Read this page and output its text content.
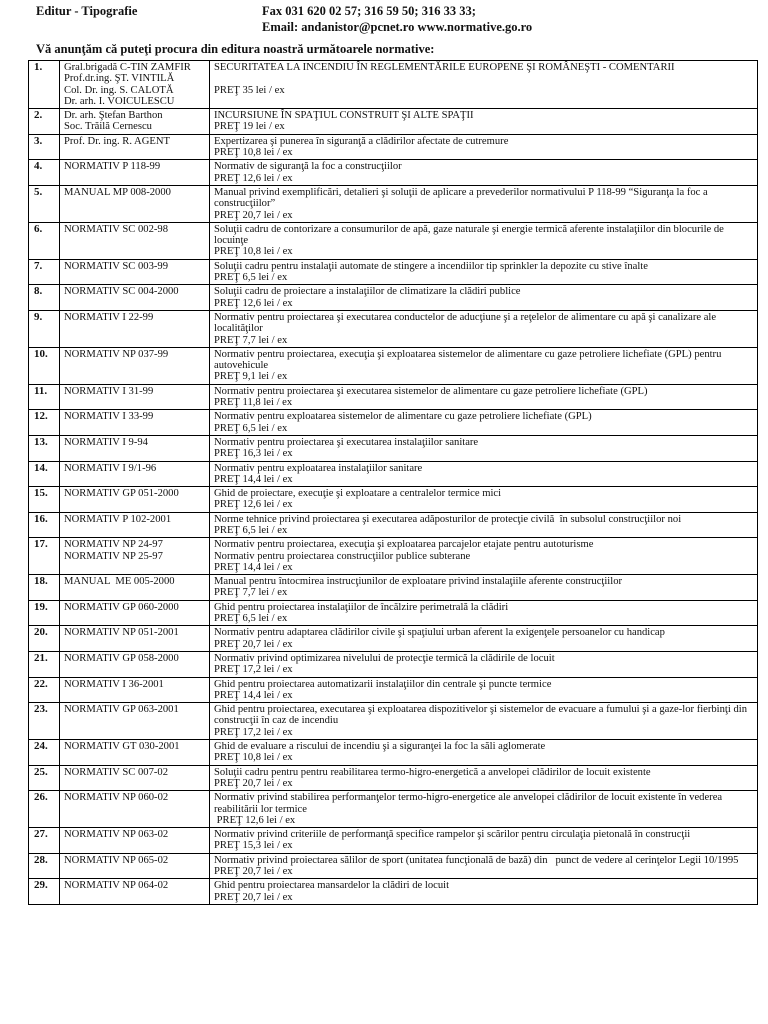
Editur - Tipografie	Fax 031 620 02 57; 316 59 50; 316 33 33;
Email: andanistor@pcnet.ro www.normative.go.ro
Vă anunţăm că puteţi procura din editura noastră următoarele normative:
1.	Gral.brigadă C-TIN ZAMFIR
Prof.dr.ing. ŞT. VINTILĂ
Col. Dr. ing. S. CALOTĂ
Dr. arh. I. VOICULESCU	SECURITATEA LA INCENDIU ÎN REGLEMENTĂRILE EUROPENE ŞI ROMÂNEŞTI - COMENTARII
PREŢ 35 lei / ex

2.	Dr. arh. Ştefan Barthon
Soc. Trăilă Cernescu	INCURSIUNE ÎN SPAŢIUL CONSTRUIT ŞI ALTE SPAŢII
PREŢ 19 lei / ex

3.	Prof. Dr. ing. R. AGENT	Expertizarea şi punerea în siguranţă a clădirilor afectate de cutremure
PREŢ 10,8 lei / ex

4.	NORMATIV P 118-99	Normativ de siguranţă la foc a construcţiilor
PREŢ 12,6 lei / ex

5.	MANUAL MP 008-2000	Manual privind exemplificări, detalieri şi soluţii de aplicare a prevederilor normativului P 118-99 “Siguranţa la foc a construcţiilor”
PREŢ 20,7 lei / ex

6.	NORMATIV SC 002-98	Soluţii cadru de contorizare a consumurilor de apă, gaze naturale şi energie termică aferente instalaţiilor din blocurile de locuinţe
PREŢ 10,8 lei / ex

7.	NORMATIV SC 003-99	Soluţii cadru pentru instalaţii automate de stingere a incendiilor tip sprinkler la depozite cu stive înalte
PREŢ 6,5 lei / ex

8.	NORMATIV SC 004-2000	Soluţii cadru de proiectare a instalaţiilor de climatizare la clădiri publice
PREŢ 12,6 lei / ex

9.	NORMATIV I 22-99	Normativ pentru proiectarea şi executarea conductelor de aducţiune şi a reţelelor de alimentare cu apă şi canalizare ale localităţilor
PREŢ 7,7 lei / ex

10.	NORMATIV NP 037-99	Normativ pentru proiectarea, execuţia şi exploatarea sistemelor de alimentare cu gaze petroliere lichefiate (GPL) pentru autovehicule
PREŢ 9,1 lei / ex

11.	NORMATIV I 31-99	Normativ pentru proiectarea şi executarea sistemelor de alimentare cu gaze petroliere lichefiate (GPL)
PREŢ 11,8 lei / ex

12.	NORMATIV I 33-99	Normativ pentru exploatarea sistemelor de alimentare cu gaze petroliere lichefiate (GPL)
PREŢ 6,5 lei / ex

13.	NORMATIV I 9-94	Normativ pentru proiectarea şi executarea instalaţiilor sanitare
PREŢ 16,3 lei / ex

14.	NORMATIV I 9/1-96	Normativ pentru exploatarea instalaţiilor sanitare
PREŢ 14,4 lei / ex

15.	NORMATIV GP 051-2000	Ghid de proiectare, execuţie şi exploatare a centralelor termice mici
PREŢ 12,6 lei / ex

16.	NORMATIV P 102-2001	Norme tehnice privind proiectarea şi executarea adăposturilor de protecţie civilă  în subsolul construcţiilor noi
PREŢ 6,5 lei / ex

17.	NORMATIV NP 24-97
NORMATIV NP 25-97	Normativ pentru proiectarea, execuţia şi exploatarea parcajelor etajate pentru autoturisme
Normativ pentru proiectarea construcţiilor publice subterane
PREŢ 14,4 lei / ex

18.	MANUAL  ME 005-2000	Manual pentru întocmirea instrucţiunilor de exploatare privind instalaţiile aferente construcţiilor
PREŢ 7,7 lei / ex

19.	NORMATIV GP 060-2000	Ghid pentru proiectarea instalaţiilor de încălzire perimetrală la clădiri
PREŢ 6,5 lei / ex

20.	NORMATIV NP 051-2001	Normativ pentru adaptarea clădirilor civile şi spaţiului urban aferent la exigenţele persoanelor cu handicap
PREŢ 20,7 lei / ex

21.	NORMATIV GP 058-2000	Normativ privind optimizarea nivelului de protecţie termică la clădirile de locuit
PREŢ 17,2 lei / ex

22.	NORMATIV I 36-2001	Ghid pentru proiectarea automatizarii instalaţiilor din centrale şi puncte termice
PREŢ 14,4 lei / ex

23.	NORMATIV GP 063-2001	Ghid pentru proiectarea, executarea şi exploatarea dispozitivelor şi sistemelor de evacuare a fumului şi a gaze-lor fierbinţi din construcţii în caz de incendiu
PREŢ 17,2 lei / ex

24.	NORMATIV GT 030-2001	Ghid de evaluare a riscului de incendiu şi a siguranţei la foc la săli aglomerate
PREŢ 10,8 lei / ex

25.	NORMATIV SC 007-02	Soluţii cadru pentru pentru reabilitarea termo-higro-energetică a anvelopei clădirilor de locuit existente
PREŢ 20,7 lei / ex

26.	NORMATIV NP 060-02	Normativ privind stabilirea performanţelor termo-higro-energetice ale anvelopei clădirilor de locuit existente în vederea reabilitării lor termice
PREŢ 12,6 lei / ex

27.	NORMATIV NP 063-02	Normativ privind criteriile de performanţă specifice rampelor şi scărilor pentru circulaţia pietonală în construcţii
PREŢ 15,3 lei / ex

28.	NORMATIV NP 065-02	Normativ privind proiectarea sălilor de sport (unitatea funcţională de bază) din   punct de vedere al cerinţelor Legii 10/1995
PREŢ 20,7 lei / ex

29.	NORMATIV NP 064-02	Ghid pentru proiectarea mansardelor la clădiri de locuit
PREŢ 20,7 lei / ex
